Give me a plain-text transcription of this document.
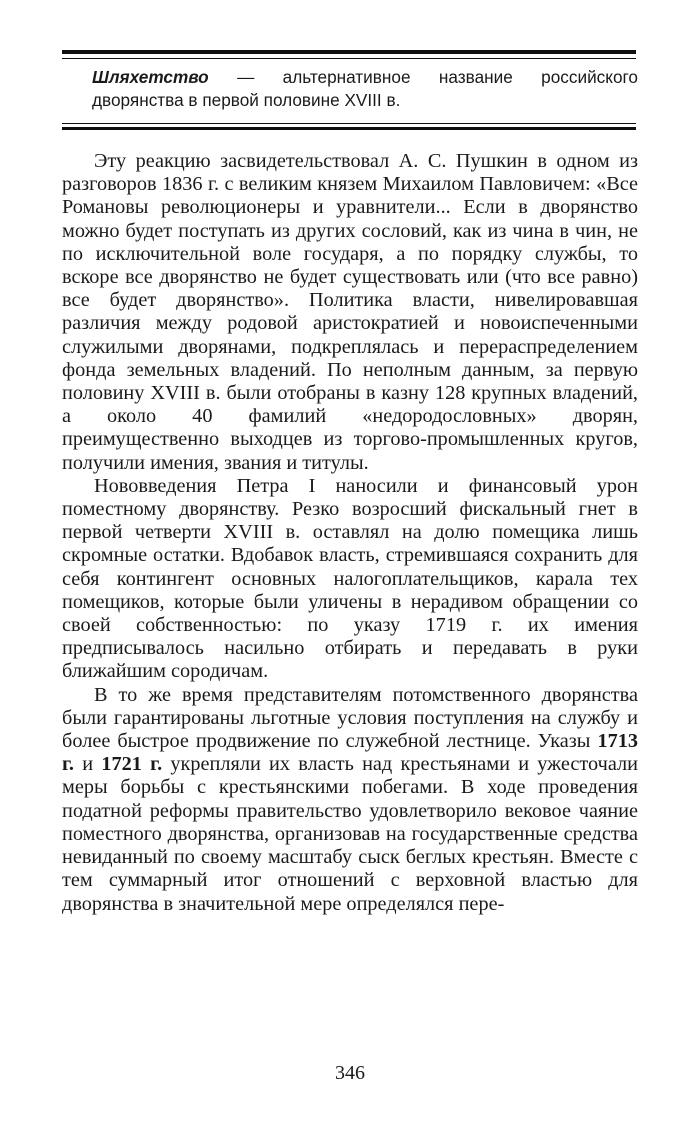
Шляхетство — альтернативное название российского дворянства в первой половине XVIII в.

Эту реакцию засвидетельствовал А. С. Пушкин в одном из разговоров 1836 г. с великим князем Михаилом Павловичем: «Все Романовы революционеры и уравнители... Если в дворянство можно будет поступать из других сословий, как из чина в чин, не по исключительной воле государя, а по порядку службы, то вскоре все дворянство не будет существовать или (что все равно) все будет дворянство». Политика власти, нивелировавшая различия между родовой аристократией и новоиспеченными служилыми дворянами, подкреплялась и перераспределением фонда земельных владений. По неполным данным, за первую половину XVIII в. были отобраны в казну 128 крупных владений, а около 40 фамилий «недородословных» дворян, преимущественно выходцев из торгово-промышленных кругов, получили имения, звания и титулы.

Нововведения Петра I наносили и финансовый урон поместному дворянству. Резко возросший фискальный гнет в первой четверти XVIII в. оставлял на долю помещика лишь скромные остатки. Вдобавок власть, стремившаяся сохранить для себя контингент основных налогоплательщиков, карала тех помещиков, которые были уличены в нерадивом обращении со своей собственностью: по указу 1719 г. их имения предписывалось насильно отбирать и передавать в руки ближайшим сородичам.

В то же время представителям потомственного дворянства были гарантированы льготные условия поступления на службу и более быстрое продвижение по служебной лестнице. Указы 1713 г. и 1721 г. укрепляли их власть над крестьянами и ужесточали меры борьбы с крестьянскими побегами. В ходе проведения податной реформы правительство удовлетворило вековое чаяние поместного дворянства, организовав на государственные средства невиданный по своему масштабу сыск беглых крестьян. Вместе с тем суммарный итог отношений с верховной властью для дворянства в значительной мере определялся пере-

346
